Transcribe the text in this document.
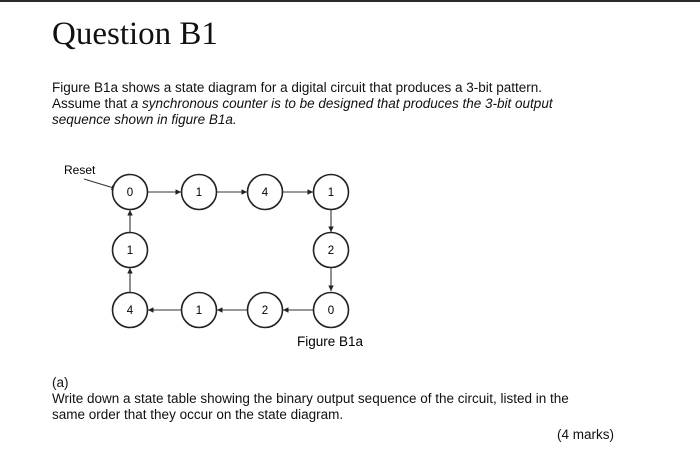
Question B1

Figure B1a shows a state diagram for a digital circuit that produces a 3-bit pattern.
Assume that a synchronous counter is to be designed that produces the 3-bit output
sequence shown in figure B1a.

Reset
0	1	4	1
2
0
2
1
4
1
Figure B1a
(a)
Write down a state table showing the binary output sequence of the circuit, listed in the
same order that they occur on the state diagram.
(4 marks)
